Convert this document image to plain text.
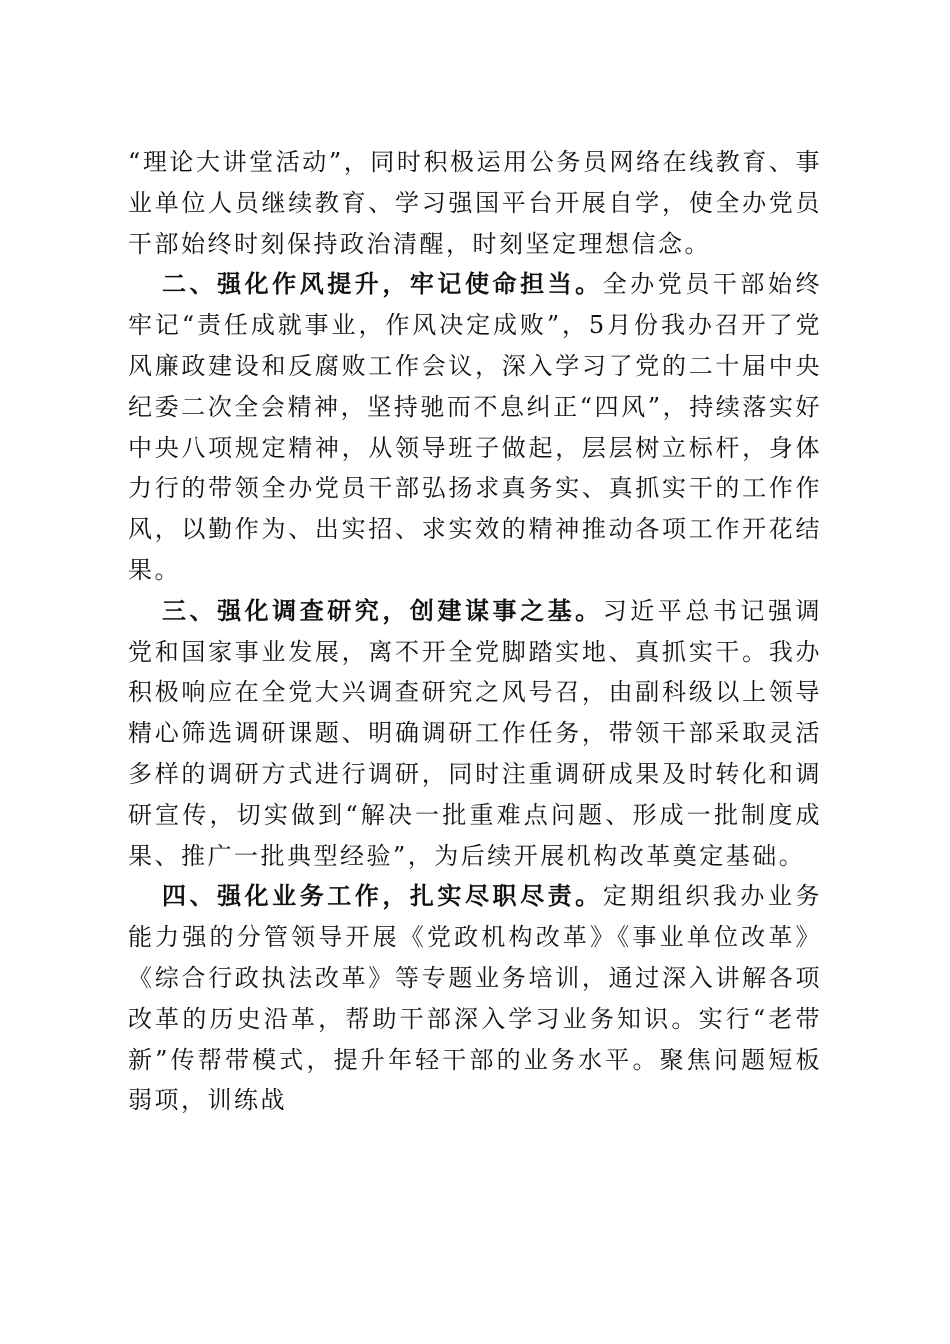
“理论大讲堂活动”，同时积极运用公务员网络在线教育、事业单位人员继续教育、学习强国平台开展自学，使全办党员干部始终时刻保持政治清醒，时刻坚定理想信念。

二、强化作风提升，牢记使命担当。全办党员干部始终牢记“责任成就事业，作风决定成败”，5月份我办召开了党风廉政建设和反腐败工作会议，深入学习了党的二十届中央纪委二次全会精神，坚持驰而不息纠正“四风”，持续落实好中央八项规定精神，从领导班子做起，层层树立标杆，身体力行的带领全办党员干部弘扬求真务实、真抓实干的工作作风，以勤作为、出实招、求实效的精神推动各项工作开花结果。

三、强化调查研究，创建谋事之基。习近平总书记强调党和国家事业发展，离不开全党脚踏实地、真抓实干。我办积极响应在全党大兴调查研究之风号召，由副科级以上领导精心筛选调研课题、明确调研工作任务，带领干部采取灵活多样的调研方式进行调研，同时注重调研成果及时转化和调研宣传，切实做到“解决一批重难点问题、形成一批制度成果、推广一批典型经验”，为后续开展机构改革奠定基础。

四、强化业务工作，扎实尽职尽责。定期组织我办业务能力强的分管领导开展《党政机构改革》《事业单位改革》《综合行政执法改革》等专题业务培训，通过深入讲解各项改革的历史沿革，帮助干部深入学习业务知识。实行“老带新”传帮带模式，提升年轻干部的业务水平。聚焦问题短板弱项，训练战
